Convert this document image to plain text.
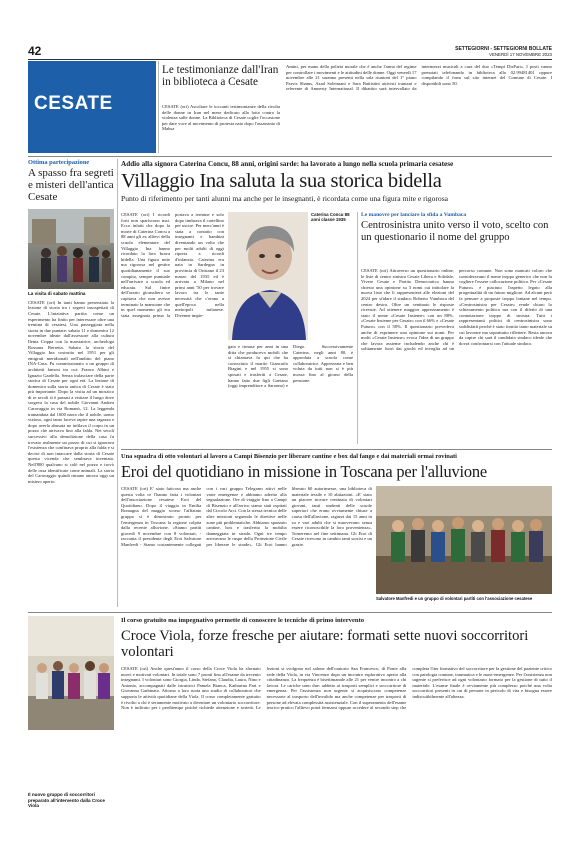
42	SETTEGIORNI - SETTEGIORNI BOLLATE
VENERDÌ 17 NOVEMBRE 2023
CESATE
Le testimonianze dall'Iran in biblioteca a Cesate
CESATE (ori) Ascoltare le toccanti testimonianze della rivolta delle donne in Iran nel mese dedicato alla lotta contro la violenza sulle donne. La Biblioteca di Cesate coglie l'occasione per dare voce al movimento di protesta nato dopo l'assassinio di Mahsa
Amini, per mano della polizia morale che è anche l'arma del regime per controllare i movimenti e le attitudini delle donne. Oggi venerdì 17 novembre alle 21 saranno presenti nella sala riunioni del 1° piano Parvis Shams, Azad Soleimani e Sara Battistini attivisti iraniani e referente di Amnesty International. Il dibattito sarà intervallato da intermezzi musicali a cura del duo «Tempi DisPari». I posti vanno prenotati telefonando in biblioteca allo 02.99481401 oppure compilando il form sul sito internet del Comune di Cesate. I disponibili sono 50.
Ottima partecipazione
A spasso fra segreti e misteri dell'antica Cesate
La visita di sabato mattina
CESATE (ori) In tanti hanno presenziato la lezione di storia tra i segreti insospettati di Cesate. L'iniziativa partita come un esperimento ha finito per interessare oltre una trentina di cesatesi. Una passeggiata nella storia in due puntate: sabato 11 e domenica 12 novembre ideate dall'assessore alla cultura Ilenia Crippa con la marsiatrice, archeologa Rossana Berretta. Sabato la storia del Villaggio Ina costruito nel 1951 per gli emigrati meridionali nell'ambito del piano INA-Casa. Fu commissionato a un gruppo di architetti famosi tra cui: Franco Albini e Ignazio Gardella. Senza tralasciare della parte storica di Cesate per ogni età. La lezione di domenica sulla storia antica di Cesate è stato più importante. Dopo la visita ad un mosaico di re secoli sì è passati a visitare il luogo dove sorgeva la casa del nobile Giovanni Andrea Caravaggio in via Romanò, 12. La leggenda tramandata dal 1600 narra che il nobile, uomo vizioso, ogni tanto faceva rapire una ragazza e dopo averla abusata ne infilava il corpo in un pozzo che arrivava fino alla falda. Nei secoli successivi alla demolizione della casa fu trovato realmente un pozzo di cui si ignorava l'esistenza che confinava proprio alla falda e si decise di non intaccare dalla storia di Cesate questa vicenda che sembrava inventata. Nell'800 qualcuno si calò nel pozzo e trovò delle ossa identificate come animali. La storia del Caravaggio quindi rimane ancora oggi un mistero aperto.
Addio alla signora Caterina Concu, 88 anni, origini sarde: ha lavorato a lungo nella scuola primaria cesatese
Villaggio Ina saluta la sua storica bidella
Punto di riferimento per tanti alunni ma anche per le insegnanti, è ricordata come una figura mite e rigorosa
CESATE (ori) I ricordi forti non sparíscono mai. Ecco infatti che dopo la morte di Caterina Concu a 88 anni gli ex allievi della scuola elementare del Villaggio Ina hanno ricordato la loro brava bidella. Una figura mite ma rigorosa nel gestire quotidianamente il suo compito, sempre puntuale nell'arrivare a scuola ed educata. Sul finire dell'orario giornaliero se capitava che non avesse terminato la mansione che in quel momento gli era stata assegnata prima la portava a termine e solo dopo timbrava il cartellino per uscire. Per merc'anni è stata a contatto con insegnanti e bambini diventando un volto che per molti adulti di oggi riporta a ricordi d'infanzia. Caterina era nata in Sardegna in provincia di Oristano il 23 marzo del 1935 ed è arrivata a Milano nel primi anni '50 per trovare lavoro tra le tante necessità che c'erano a quell'epoca nella metropoli milanese. Divenne impie-
Caterina Concu 88 anni classe 1935
gata e rimase per anni in una ditta che produceva mobili che si chiamava fu qui che ha conosciuto il marito Giancarlo Biagini e nel 1955 si sono sposati e trasferiti a Cesate, hanno fatto due figli Gaetano (oggi imprenditore a Saronno) e Diego. Successivamente Caterina, negli anni 80, è approdata a scuola come collaboratrice. Apprezzata e ben voluta da tutti non si è più mossa fino al giorno della pensione.
Le manovre per lanciare la sfida a Vumbaca
Centrosinistra unito verso il voto, scelto con un questionario il nome del gruppo
CESATE (ori) Attraverso un questionario online, le liste di centro sinistra Cesate Libera e Solidale, Vivere Cesate e Partito Democratico hanno chiesto una opinione su 3 nomi cui intitolare la nuova lista che li rappresenterà alle elezioni del 2024 per sfidare il sindaco Roberto Vumbaca del centro destra. Oltre un centinaio le risposte ricevute. Ad ottenere maggior apprezzamento è stato il nome «Cesate Insieme» con un 88%. «Cesate Insieme per Cesate» con il 66% e «Cesate Futuro» con il 58%. Il questionario prevedeva anche di esprimere una opinione sui nomi. Per molti «Cesate Insieme» evoca l'idea di un gruppo che lavora assieme includendo anche chi è solitamente fuori dai giochi ed invoglia ad un percorso comune. Non sono mancati coloro che consideravano il nome troppo generico che non fa cogliere l'essere collocazione politica. Per «Cesate Futuro» è piaciuto l'aspetto legato alla progettualità di un futuro migliore. Ad alcuni però fa pensare a proposte troppo lontane nel tempo. «Centrosinistra per Cesate» rende chiaro lo schieramento politico ma con il difetto di una connotazione troppo di sinistra. Tutti i rappresentanti politici di centrosinistra sono soddisfatti perché è stato fornito tanto materiale su cui lavorare ma soprattutto riflettere. Resta ancora da capire chi sarà il candidato sindaco ideale che dovrà confrontarsi con l'attuale sindaco.
Una squadra di otto volontari al lavoro a Campi Bisenzio per liberare cantine e box dal fango e dai materiali ormai rovinati
Eroi del quotidiano in missione in Toscana per l'alluvione
CESATE (ori) E' stato faticoso ma anche questa volta ce l'hanno fatta i volontari dell'associazione cesatese Eroi del Quotidiano. Dopo il viaggio in Emilia Romagna del maggio scorso l'affiatato gruppo si è dimostrato pronto per l'emergenza in Toscana la regione colpita dalla recente alluvione. «Siamo partiti giovedì 9 novembre con 8 volontari, - racconta il presidente degli Eroi Salvatore Manfredi - Siamo costantemente collegati con i vari gruppo Telegram attivi nelle varie emergenze e abbiamo aderito alla segnalazione. Ore di viaggio fino a Campi di Bisenzio e all'arrivo siamo stati ospitati dal Circolo Arci. Con la stessa tecnica delle altre missioni seguendo le direttive nelle zone più problematiche. Abbiamo spazzato cantine, box e trasferito la mobilia danneggiata in strada. Ogni tre tempo arrivavano le ruspe della Protezione Civile per liberare le strade». Gli Eroi hanno liberato 60 autorimesse, una biblioteca di materiale tessile e 10 abitazioni. «E' stato un piacere trovare centinaia di volontari giovani, tanti studenti delle scuole superiori che erano ovviamente chiuse a causa dell'alluvione, ragazzi dai 15 anni in su e vari adulti che si muovevano senza essere riconoscibile la loro provenienza». Torneremo nel fine settimana. Gli Eroi di Cesate ricevono in cambio tanti sorrisi e un grazie.
Salvatore Manfredi e un gruppo di volontari partiti con l'associazione cesatese
Il nuovo gruppo di soccorritori preparato all'intervento dalla Croce Viola
Il corso gratuito ma impegnativo permette di conoscere le tecniche di primo intervento
Croce Viola, forze fresche per aiutare: formati sette nuovi soccorritori volontari
CESATE (ori) Anche quest'anno il corso della Croce Viola ha sfornato nuovi e motivati volontari. In totale sono 7 pronti fino all'esame da trecento insegnanti. I volontari sono Giorgia, Linda, Stefano, Claudia, Laura, Nino e Antonio, accompagnati dalle istruttrici Pamela Bianca, Katharina Pari e Giovanna Garbinato. Attorno a loro ruota uno studio di collaboratori che supporta le attività quotidiane della Viola. Il corso completamente gratuito è rivolto a chi è seriamente motivato a diventare un volontario soccorritore. Non è indicato per i perditempo poiché richiede attenzione e serietà. Le lezioni si svolgono nel salone dell'oratorio San Francesco, di Ponte alla sede della Viola, in via Vincenzo dopo un incontro esplorativo aperto alla cittadinanza. La frequenza è bisettimanale alle 21 per ventre incontro a chi lavora. Le cariche sono due: addetto ai trasporti semplici e soccorritore di emergenza. Per l'assistenza non urgente si acquisiscono competenze necessarie al trasporto dell'invalido ma anche competenze per trasporti di persone ad elevata complessità assistenziale. Con il superamento dell'esame teorico-pratico l'allievo potrà fermarsi oppure accedere al secondo step che completa l'iter formativo del soccorritore per la gestione del paziente critico con patologia comune, traumatica e le maxi-emergenze. Per l'assistenza non urgente si preferisce ad ogni volontario formato per la gestione di tutto il materiale. L'esame finale è ovviamente più complesso poiché una volta soccorritori presenti in cui di persone in pericolo di vita e bisogna essere indiscutibilmente all'altezza.
